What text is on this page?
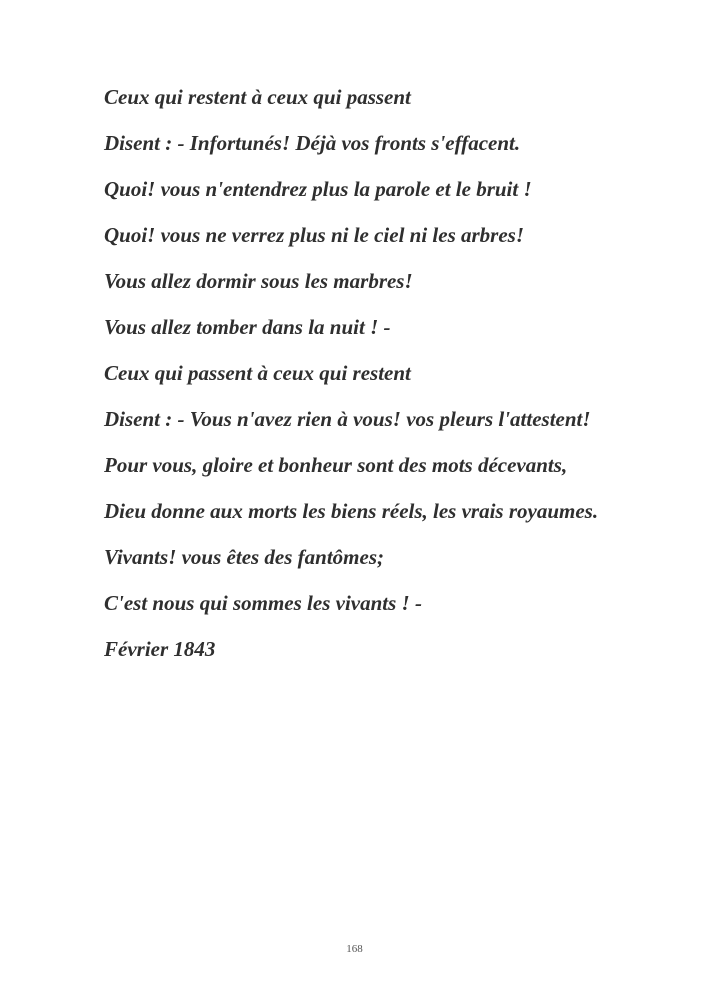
Ceux qui restent à ceux qui passent

Disent : - Infortunés! Déjà vos fronts s'effacent.

Quoi! vous n'entendrez plus la parole et le bruit !

Quoi! vous ne verrez plus ni le ciel ni les arbres!

Vous allez dormir sous les marbres!

Vous allez tomber dans la nuit ! -

Ceux qui passent à ceux qui restent

Disent : - Vous n'avez rien à vous! vos pleurs l'attestent!

Pour vous, gloire et bonheur sont des mots décevants,

Dieu donne aux morts les biens réels, les vrais royaumes.

Vivants! vous êtes des fantômes;

C'est nous qui sommes les vivants ! -

Février 1843

168
